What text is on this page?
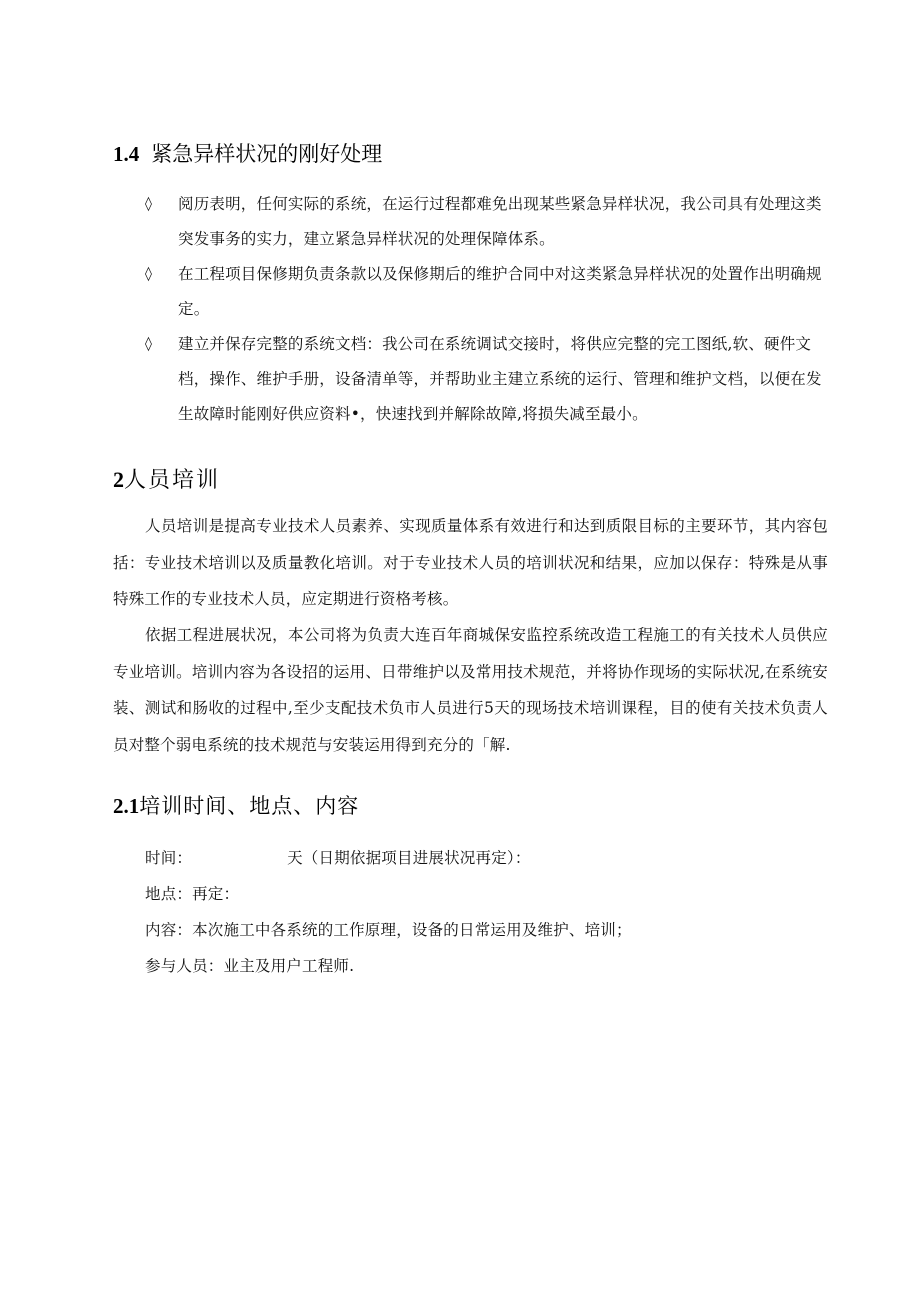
1.4 紧急异样状况的刚好处理
◊ 阅历表明，任何实际的系统，在运行过程都难免出现某些紧急异样状况，我公司具有处理这类突发事务的实力，建立紧急异样状况的处理保障体系。
◊ 在工程项目保修期负责条款以及保修期后的维护合同中对这类紧急异样状况的处置作出明确规定。
◊ 建立并保存完整的系统文档：我公司在系统调试交接时，将供应完整的完工图纸,软、硬件文档，操作、维护手册，设备清单等，并帮助业主建立系统的运行、管理和维护文档，以便在发生故障时能刚好供应资料•，快速找到并解除故障,将损失减至最小。
2人员培训

人员培训是提高专业技术人员素养、实现质量体系有效进行和达到质限目标的主要环节，其内容包括：专业技术培训以及质量教化培训。对于专业技术人员的培训状况和结果，应加以保存：特殊是从事特殊工作的专业技术人员，应定期进行资格考核。

依据工程进展状况，本公司将为负责大连百年商城保安监控系统改造工程施工的有关技术人员供应专业培训。培训内容为各设招的运用、日带维护以及常用技术规范，并将协作现场的实际状况,在系统安装、测试和肠收的过程中,至少支配技术负市人员进行5天的现场技术培训课程，目的使有关技术负责人员对整个弱电系统的技术规范与安装运用得到充分的「解.

2.1培训时间、地点、内容
时间：	天（日期依据项目进展状况再定）：
地点：再定：
内容：本次施工中各系统的工作原理，设备的日常运用及维护、培训；
参与人员：业主及用户工程师.
